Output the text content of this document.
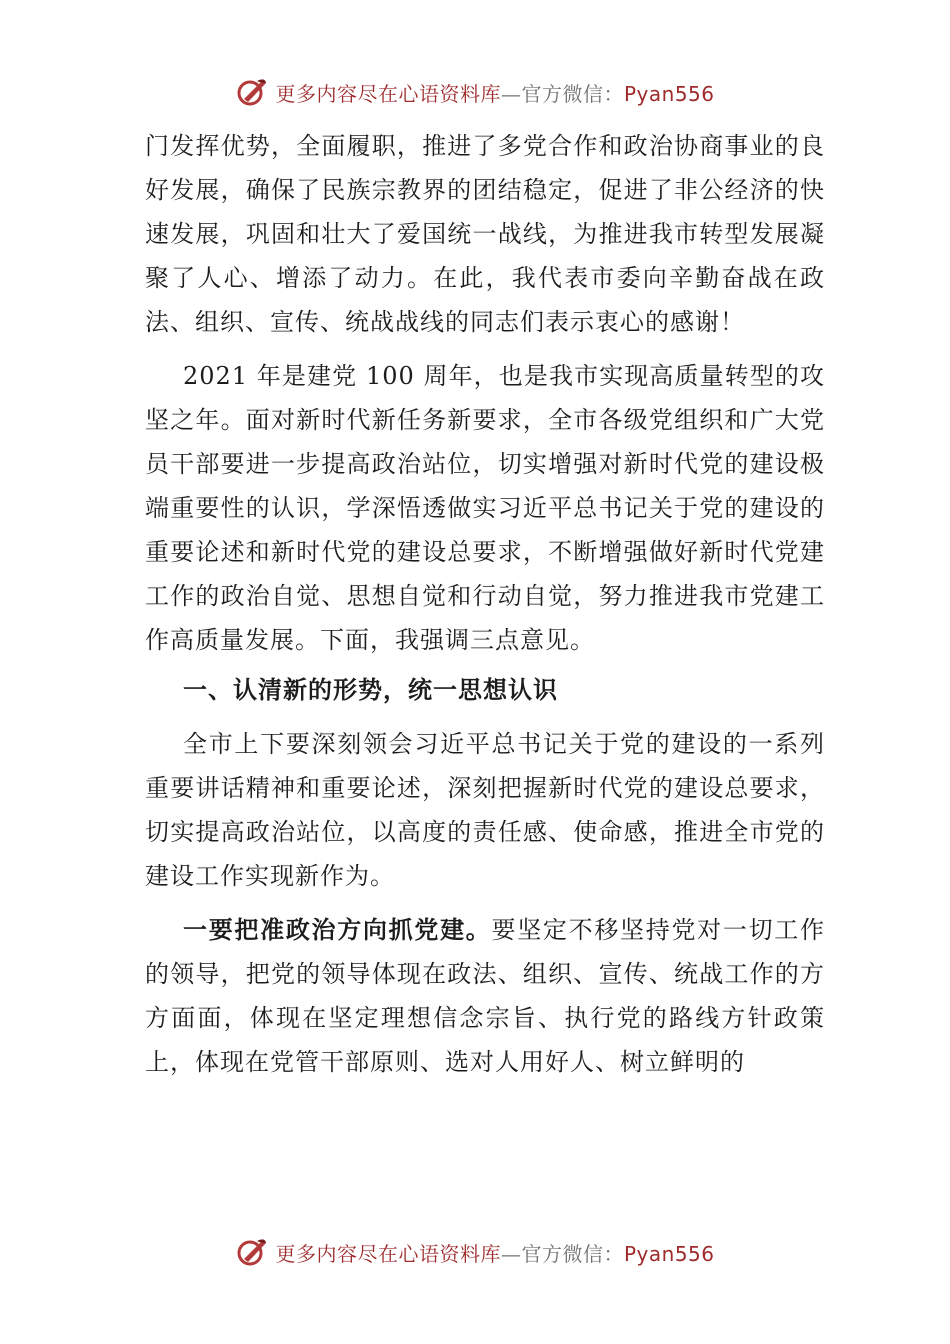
更多内容尽在心语资料库—官方微信：Pyan556

门发挥优势，全面履职，推进了多党合作和政治协商事业的良好发展，确保了民族宗教界的团结稳定，促进了非公经济的快速发展，巩固和壮大了爱国统一战线，为推进我市转型发展凝聚了人心、增添了动力。在此，我代表市委向辛勤奋战在政法、组织、宣传、统战战线的同志们表示衷心的感谢！

2021 年是建党 100 周年，也是我市实现高质量转型的攻坚之年。面对新时代新任务新要求，全市各级党组织和广大党员干部要进一步提高政治站位，切实增强对新时代党的建设极端重要性的认识，学深悟透做实习近平总书记关于党的建设的重要论述和新时代党的建设总要求，不断增强做好新时代党建工作的政治自觉、思想自觉和行动自觉，努力推进我市党建工作高质量发展。下面，我强调三点意见。

一、认清新的形势，统一思想认识

全市上下要深刻领会习近平总书记关于党的建设的一系列重要讲话精神和重要论述，深刻把握新时代党的建设总要求，切实提高政治站位，以高度的责任感、使命感，推进全市党的建设工作实现新作为。

一要把准政治方向抓党建。要坚定不移坚持党对一切工作的领导，把党的领导体现在政法、组织、宣传、统战工作的方方面面，体现在坚定理想信念宗旨、执行党的路线方针政策上，体现在党管干部原则、选对人用好人、树立鲜明的

更多内容尽在心语资料库—官方微信：Pyan556
